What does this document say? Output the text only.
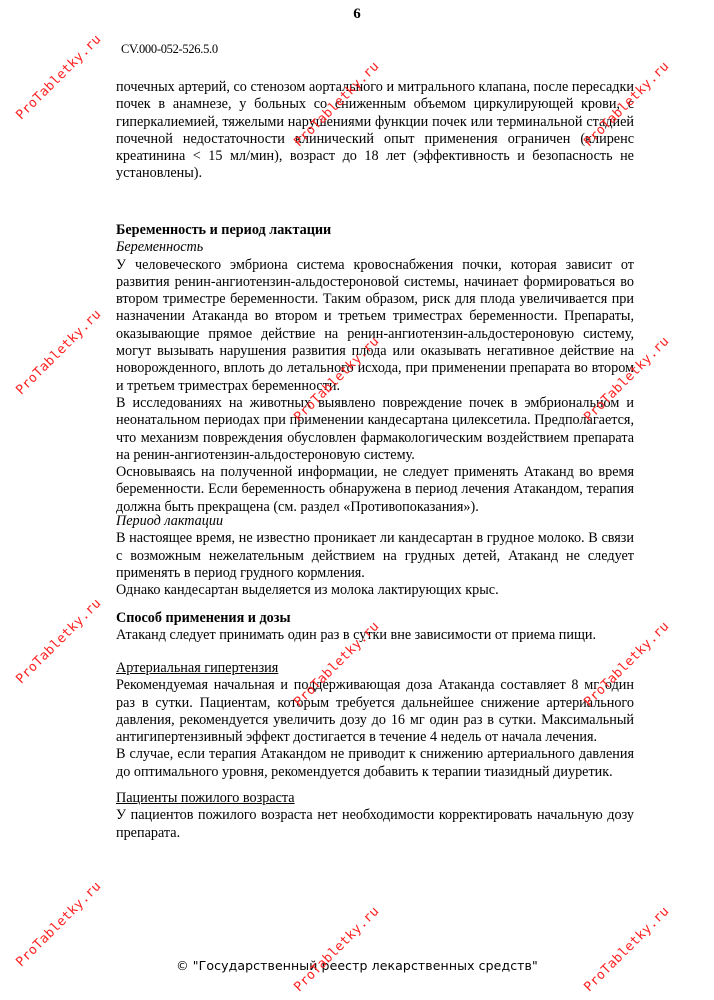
6
CV.000-052-526.5.0
почечных артерий, со стенозом аортального и митрального клапана, после пересадки
почек в анамнезе, у больных со сниженным объемом циркулирующей крови, с
гиперкалиемией, тяжелыми нарушениями функции почек или терминальной стадией
почечной недостаточности клинический опыт применения ограничен (клиренс
креатинина < 15 мл/мин), возраст до 18 лет (эффективность и безопасность не
установлены).
Беременность и период лактации
Беременность
У человеческого эмбриона система кровоснабжения почки, которая зависит от
развития ренин-ангиотензин-альдостероновой системы, начинает формироваться во
втором триместре беременности. Таким образом, риск для плода увеличивается при
назначении Атаканда во втором и третьем триместрах беременности. Препараты,
оказывающие прямое действие на ренин-ангиотензин-альдостероновую систему,
могут вызывать нарушения развития плода или оказывать негативное действие на
новорожденного, вплоть до летального исхода, при применении препарата во втором
и третьем триместрах беременности.
В исследованиях на животных выявлено повреждение почек в эмбриональном и
неонатальном периодах при применении кандесартана цилексетила. Предполагается,
что механизм повреждения обусловлен фармакологическим воздействием препарата
на ренин-ангиотензин-альдостероновую систему.
Основываясь на полученной информации, не следует применять Атаканд во время
беременности. Если беременность обнаружена в период лечения Атакандом, терапия
должна быть прекращена (см. раздел «Противопоказания»).
Период лактации
В настоящее время, не известно проникает ли кандесартан в грудное молоко. В связи
с возможным нежелательным действием на грудных детей, Атаканд не следует
применять в период грудного кормления.
Однако кандесартан выделяется из молока лактирующих крыс.
Способ применения и дозы
Атаканд следует принимать один раз в сутки вне зависимости от приема пищи.
Артериальная гипертензия
Рекомендуемая начальная и поддерживающая доза Атаканда составляет 8 мг один
раз в сутки. Пациентам, которым требуется дальнейшее снижение артериального
давления, рекомендуется увеличить дозу до 16 мг один раз в сутки. Максимальный
антигипертензивный эффект достигается в течение 4 недель от начала лечения.
В случае, если терапия Атакандом не приводит к снижению артериального давления
до оптимального уровня, рекомендуется добавить к терапии тиазидный диуретик.
Пациенты пожилого возраста
У пациентов пожилого возраста нет необходимости корректировать начальную дозу
препарата.
© "Государственный реестр лекарственных средств"
ProTabletky.ru	ProTabletky.ru	ProTabletky.ru
ProTabletky.ru	ProTabletky.ru	ProTabletky.ru
ProTabletky.ru	ProTabletky.ru	ProTabletky.ru
ProTabletky.ru	ProTabletky.ru	ProTabletky.ru
